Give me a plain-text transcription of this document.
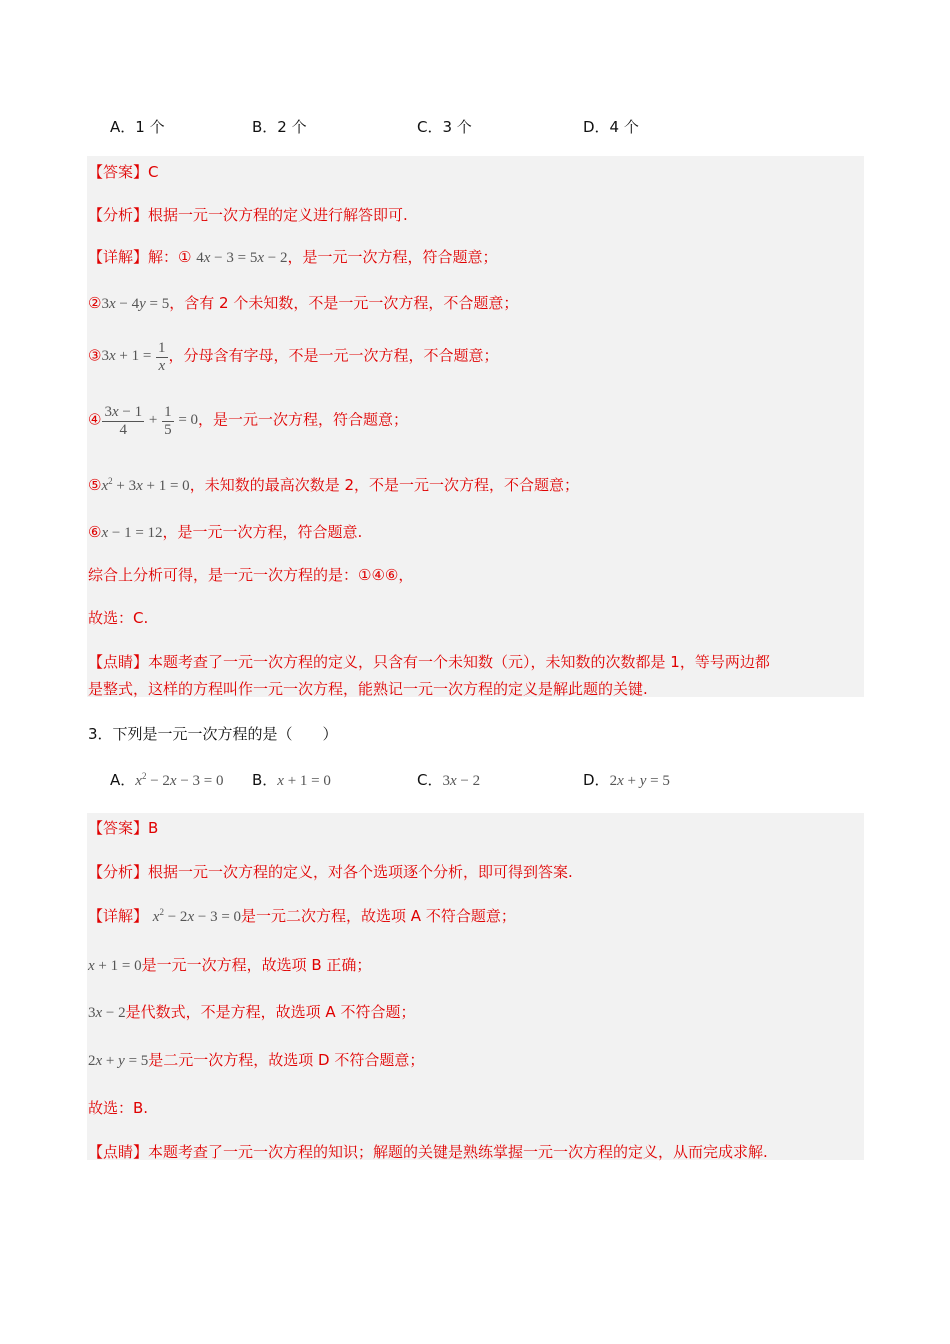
A．1 个	B．2 个	C．3 个	D．4 个
【答案】C
【分析】根据一元一次方程的定义进行解答即可.
【详解】解：① 4x − 3 = 5x − 2，是一元一次方程，符合题意；
②3x − 4y = 5，含有 2 个未知数，不是一元一次方程，不合题意；
③3x + $1 = \frac{1}{x}$ ，分母含有字母，不是一元一次方程，不合题意；
④ $\frac{3x - 1}{4} + \frac{1}{5} = 0$，是一元一次方程，符合题意；
$⑤x^2 + 3x + 1 = 0$，未知数的最高次数是 2，不是一元一次方程，不合题意；
⑥x − 1 = 12，是一元一次方程，符合题意.
综合上分析可得，是一元一次方程的是：①④⑥，
故选：C.
【点睛】本题考查了一元一次方程的定义，只含有一个未知数（元），未知数的次数都是 1，等号两边都
是整式，这样的方程叫作一元一次方程，能熟记一元一次方程的定义是解此题的关键.
3．下列是一元一次方程的是（　　）
A．$x^2 - 2x - 3 = 0$ B．x + 1 = 0	C．3x − 2	D．2x + y = 5
【答案】B
【分析】根据一元一次方程的定义，对各个选项逐个分析，即可得到答案.
【详解】 $x^2 - 2x - 3 = 0$是一元二次方程，故选项 A 不符合题意；
x + 1 = 0是一元一次方程，故选项 B 正确；
3x − 2是代数式，不是方程，故选项 A 不符合题；
2x + y = 5是二元一次方程，故选项 D 不符合题意；
故选：B.
【点睛】本题考查了一元一次方程的知识；解题的关键是熟练掌握一元一次方程的定义，从而完成求解.
